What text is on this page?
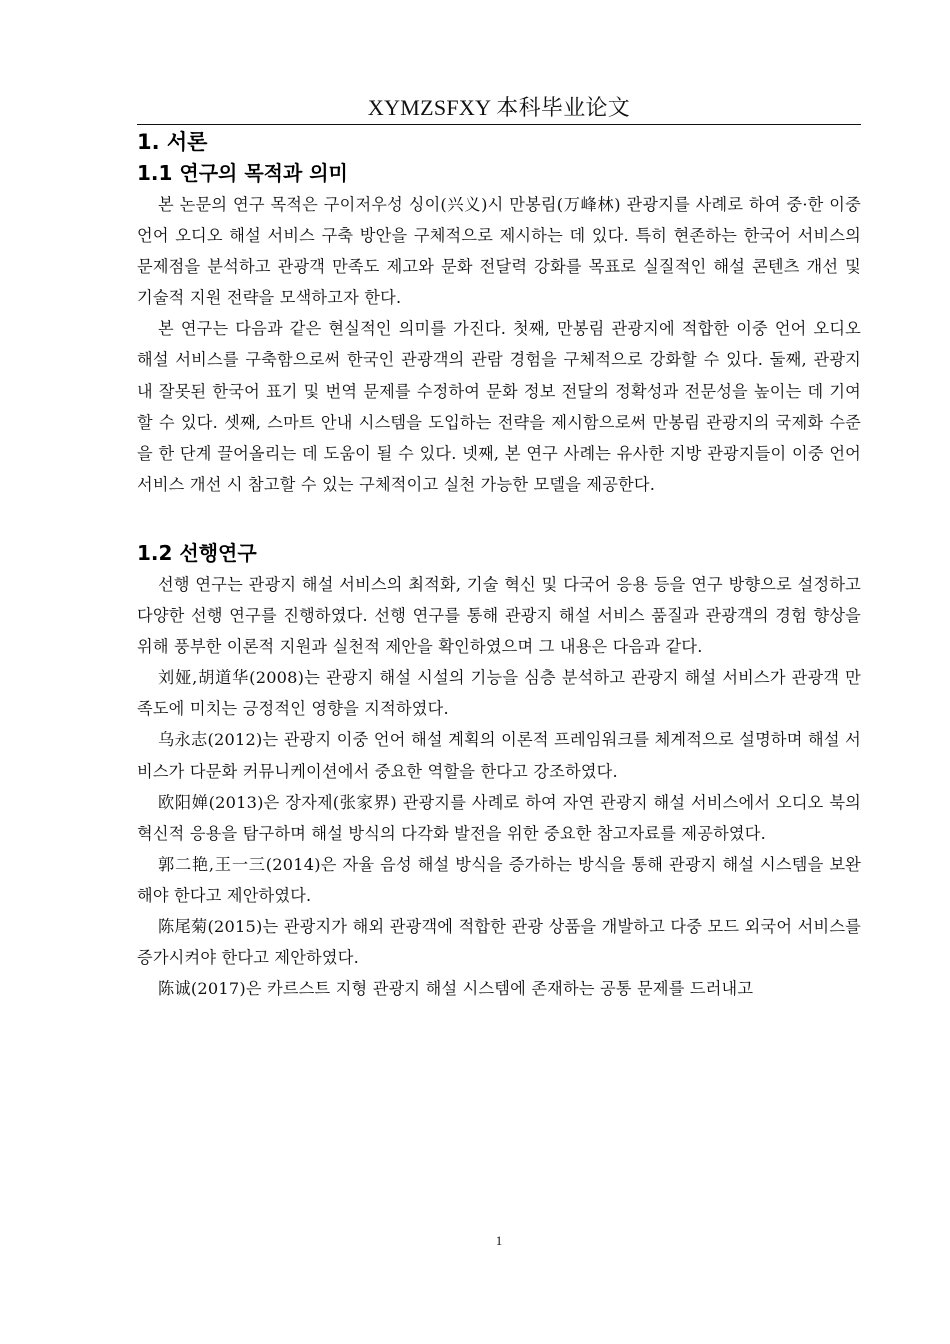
XYMZSFXY 本科毕业论文
1. 서론
1.1 연구의 목적과 의미

본 논문의 연구 목적은 구이저우성 싱이(兴义)시 만봉림(万峰林) 관광지를 사례로 하여 중·한 이중 언어 오디오 해설 서비스 구축 방안을 구체적으로 제시하는 데 있다. 특히 현존하는 한국어 서비스의 문제점을 분석하고 관광객 만족도 제고와 문화 전달력 강화를 목표로 실질적인 해설 콘텐츠 개선 및 기술적 지원 전략을 모색하고자 한다.

본 연구는 다음과 같은 현실적인 의미를 가진다. 첫째, 만봉림 관광지에 적합한 이중 언어 오디오 해설 서비스를 구축함으로써 한국인 관광객의 관람 경험을 구체적으로 강화할 수 있다. 둘째, 관광지 내 잘못된 한국어 표기 및 번역 문제를 수정하여 문화 정보 전달의 정확성과 전문성을 높이는 데 기여할 수 있다. 셋째, 스마트 안내 시스템을 도입하는 전략을 제시함으로써 만봉림 관광지의 국제화 수준을 한 단계 끌어올리는 데 도움이 될 수 있다. 넷째, 본 연구 사례는 유사한 지방 관광지들이 이중 언어 서비스 개선 시 참고할 수 있는 구체적이고 실천 가능한 모델을 제공한다.

1.2 선행연구

선행 연구는 관광지 해설 서비스의 최적화, 기술 혁신 및 다국어 응용 등을 연구 방향으로 설정하고 다양한 선행 연구를 진행하였다. 선행 연구를 통해 관광지 해설 서비스 품질과 관광객의 경험 향상을 위해 풍부한 이론적 지원과 실천적 제안을 확인하였으며 그 내용은 다음과 같다.

刘娅,胡道华(2008)는 관광지 해설 시설의 기능을 심층 분석하고 관광지 해설 서비스가 관광객 만족도에 미치는 긍정적인 영향을 지적하였다.

乌永志(2012)는 관광지 이중 언어 해설 계획의 이론적 프레임워크를 체계적으로 설명하며 해설 서비스가 다문화 커뮤니케이션에서 중요한 역할을 한다고 강조하였다.

欧阳婵(2013)은 장자제(张家界) 관광지를 사례로 하여 자연 관광지 해설 서비스에서 오디오 북의 혁신적 응용을 탐구하며 해설 방식의 다각화 발전을 위한 중요한 참고자료를 제공하였다.

郭二艳,王一三(2014)은 자율 음성 해설 방식을 증가하는 방식을 통해 관광지 해설 시스템을 보완해야 한다고 제안하였다.

陈尾菊(2015)는 관광지가 해외 관광객에 적합한 관광 상품을 개발하고 다중 모드 외국어 서비스를 증가시켜야 한다고 제안하였다.

陈诚(2017)은 카르스트 지형 관광지 해설 시스템에 존재하는 공통 문제를 드러내고

1
